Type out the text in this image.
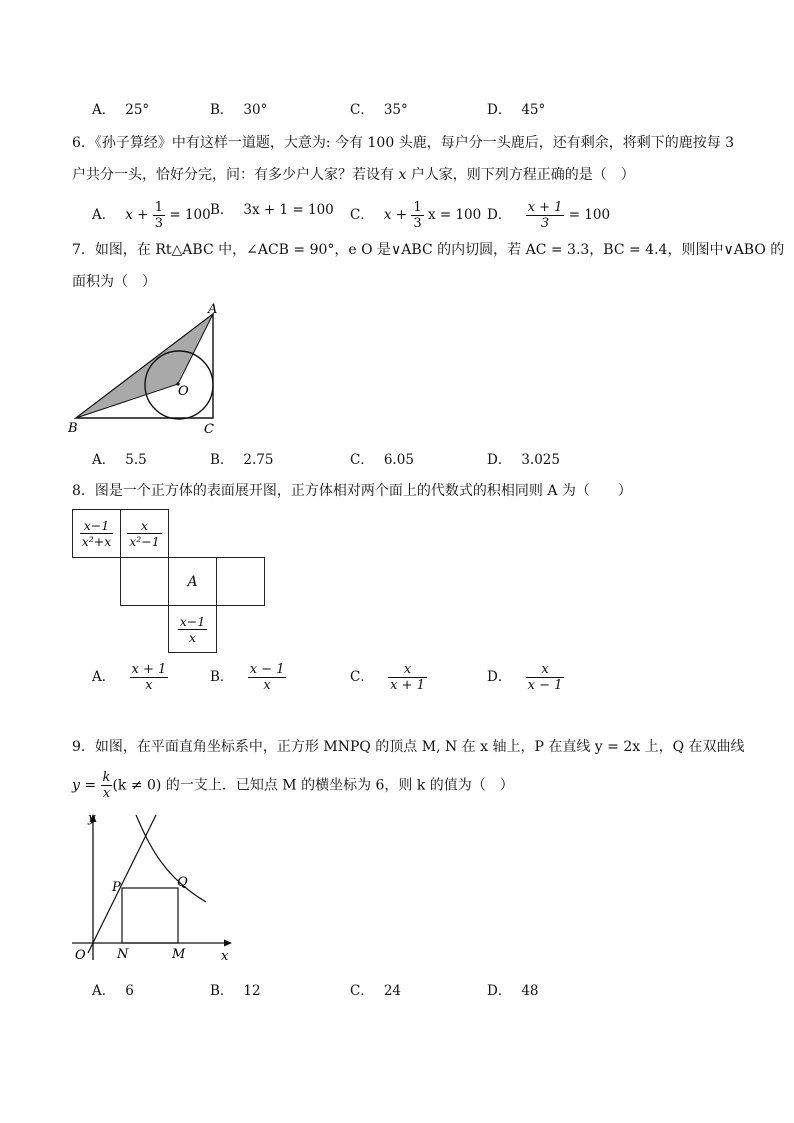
A． 25°	B． 30°	C． 35°	D． 45°
6．《孙子算经》中有这样一道题，大意为: 今有 100 头鹿，每户分一头鹿后，还有剩余，将剩下的鹿按每 3
户共分一头，恰好分完，问：有多少户人家？若设有 x 户人家，则下列方程正确的是（　）
A． $x + \frac{1}{3} = 100$ B． 3x + 1 = 100 C． $x + \frac{1}{3}$ x = 100 D． $\frac{x + 1}{3} = 100$
7．如图，在 Rt△ABC 中，∠ACB = 90°，e O 是∨ABC 的内切圆，若 AC = 3.3，BC = 4.4，则图中∨ABO 的
面积为（　）
A
B	C
O
A． 5.5	B． 2.75	C． 6.05	D． 3.025
8．图是一个正方体的表面展开图，正方体相对两个面上的代数式的积相同则 A 为（　　）
$\frac{x-1}{\text{x²+x}} \frac{x}{\text{x²−1}}$
A
$\frac{x-1}{x}$
A． $\frac{x + 1}{x}$	B． $\frac{x - 1}{x}$	C． $\frac{x}{x + 1}$	D． $\frac{x}{x - 1}$
9．如图，在平面直角坐标系中，正方形 MNPQ 的顶点 M, N 在 x 轴上，P 在直线 y = 2x 上，Q 在双曲线
$y = \frac{k}{x} (k \ne 0)$ 的一支上．已知点 M 的横坐标为 6，则 k 的值为（　）
y
x
O N	M
P	Q
A． 6	B． 12	C． 24	D． 48
